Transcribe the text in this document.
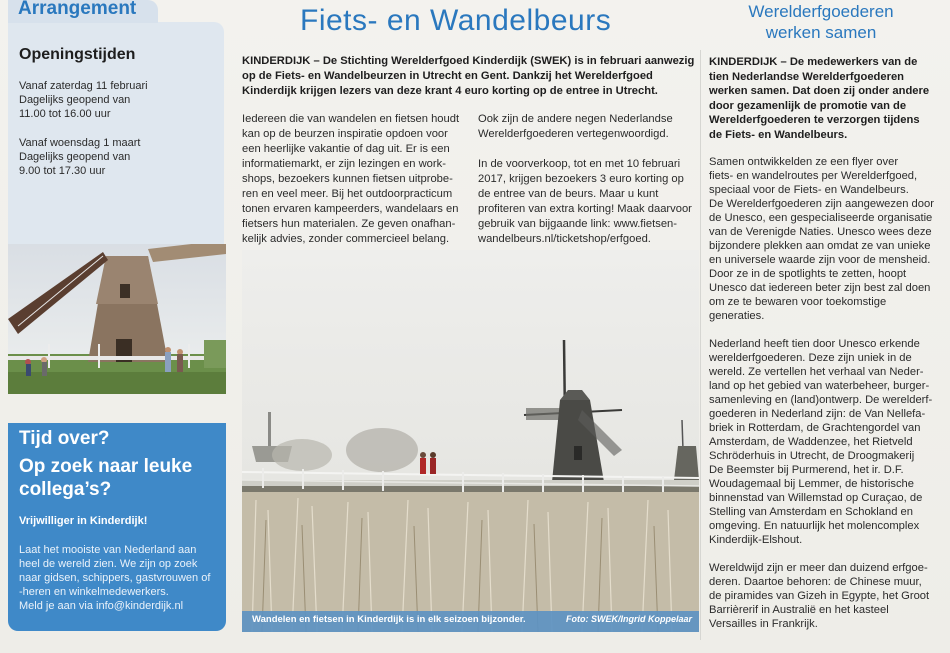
Arrangement
Openingstijden
Vanaf zaterdag 11 februari
Dagelijks geopend van
11.00 tot 16.00 uur
Vanaf woensdag 1 maart
Dagelijks geopend van
9.00 tot 17.30 uur
Tijd over?
Op zoek naar leuke
collega’s?
Vrijwilliger in Kinderdijk!
Laat het mooiste van Nederland aan
heel de wereld zien. We zijn op zoek
naar gidsen, schippers, gastvrouwen of
-heren en winkelmedewerkers.
Meld je aan via info@kinderdijk.nl
Fiets- en Wandelbeurs
KINDERDIJK – De Stichting Werelderfgoed Kinderdijk (SWEK) is in februari aanwezig op de Fiets- en Wandelbeurzen in Utrecht en Gent. Dankzij het Werelderfgoed Kinderdijk krijgen lezers van deze krant 4 euro korting op de entree in Utrecht.
Iedereen die van wandelen en fietsen houdt
kan op de beurzen inspiratie opdoen voor
een heerlijke vakantie of dag uit. Er is een
informatiemarkt, er zijn lezingen en work-
shops, bezoekers kunnen fietsen uitprobe-
ren en veel meer. Bij het outdoorpracticum
tonen ervaren kampeerders, wandelaars en
fietsers hun materialen. Ze geven onafhan-
kelijk advies, zonder commercieel belang.
Ook zijn de andere negen Nederlandse
Werelderfgoederen vertegenwoordigd.
In de voorverkoop, tot en met 10 februari
2017, krijgen bezoekers 3 euro korting op
de entree van de beurs. Maar u kunt
profiteren van extra korting! Maak daarvoor
gebruik van bijgaande link: www.fietsen-
wandelbeurs.nl/ticketshop/erfgoed.
Wandelen en fietsen in Kinderdijk is in elk seizoen bijzonder.	Foto: SWEK/Ingrid Koppelaar
Werelderfgoederen
werken samen
KINDERDIJK – De medewerkers van de
tien Nederlandse Werelderfgoederen
werken samen. Dat doen zij onder andere
door gezamenlijk de promotie van de
Werelderfgoederen te verzorgen tijdens
de Fiets- en Wandelbeurs.
Samen ontwikkelden ze een flyer over
fiets- en wandelroutes per Werelderfgoed,
speciaal voor de Fiets- en Wandelbeurs.
De Werelderfgoederen zijn aangewezen door
de Unesco, een gespecialiseerde organisatie
van de Verenigde Naties. Unesco wees deze
bijzondere plekken aan omdat ze van unieke
en universele waarde zijn voor de mensheid.
Door ze in de spotlights te zetten, hoopt
Unesco dat iedereen beter zijn best zal doen
om ze te bewaren voor toekomstige
generaties.
Nederland heeft tien door Unesco erkende
werelderfgoederen. Deze zijn uniek in de
wereld. Ze vertellen het verhaal van Neder-
land op het gebied van waterbeheer, burger-
samenleving en (land)ontwerp. De werelderf-
goederen in Nederland zijn: de Van Nellefa-
briek in Rotterdam, de Grachtengordel van
Amsterdam, de Waddenzee, het Rietveld
Schröderhuis in Utrecht, de Droogmakerij
De Beemster bij Purmerend, het ir. D.F.
Woudagemaal bij Lemmer, de historische
binnenstad van Willemstad op Curaçao, de
Stelling van Amsterdam en Schokland en
omgeving. En natuurlijk het molencomplex
Kinderdijk-Elshout.
Wereldwijd zijn er meer dan duizend erfgoe-
deren. Daartoe behoren: de Chinese muur,
de piramides van Gizeh in Egypte, het Groot
Barrièrerif in Australië en het kasteel
Versailles in Frankrijk.
